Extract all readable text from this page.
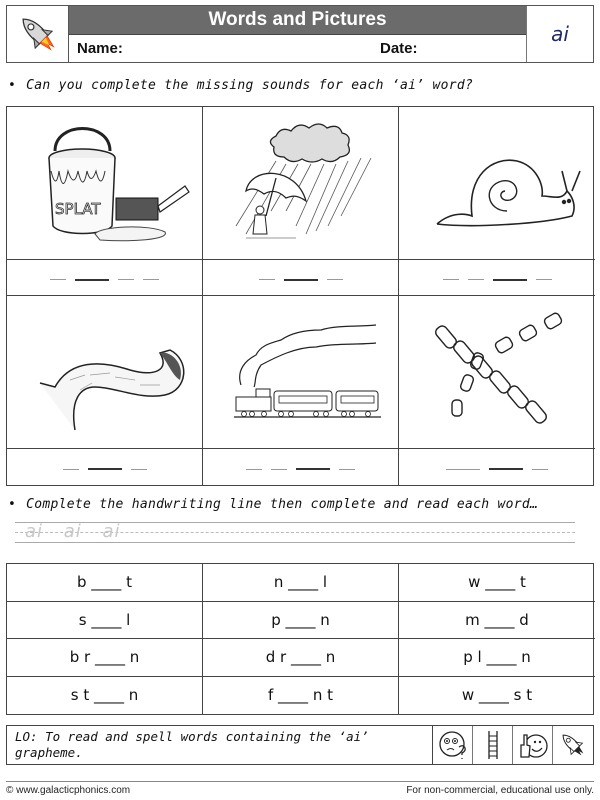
Words and Pictures
Name:	Date:
ai
• Can you complete the missing sounds for each ‘ai’ word?
SPLAT
• Complete the handwriting line then complete and read each word…
ai ai ai
b ____ t	n ____ l	w ____ t
s ____ l	p ____ n	m ____ d
b r ____ n	d r ____ n	p l ____ n
s t ____ n	f ____ n t	w ____ s t
LO: To read and spell words containing the ‘ai’ grapheme.
© www.galacticphonics.com	For non-commercial, educational use only.
